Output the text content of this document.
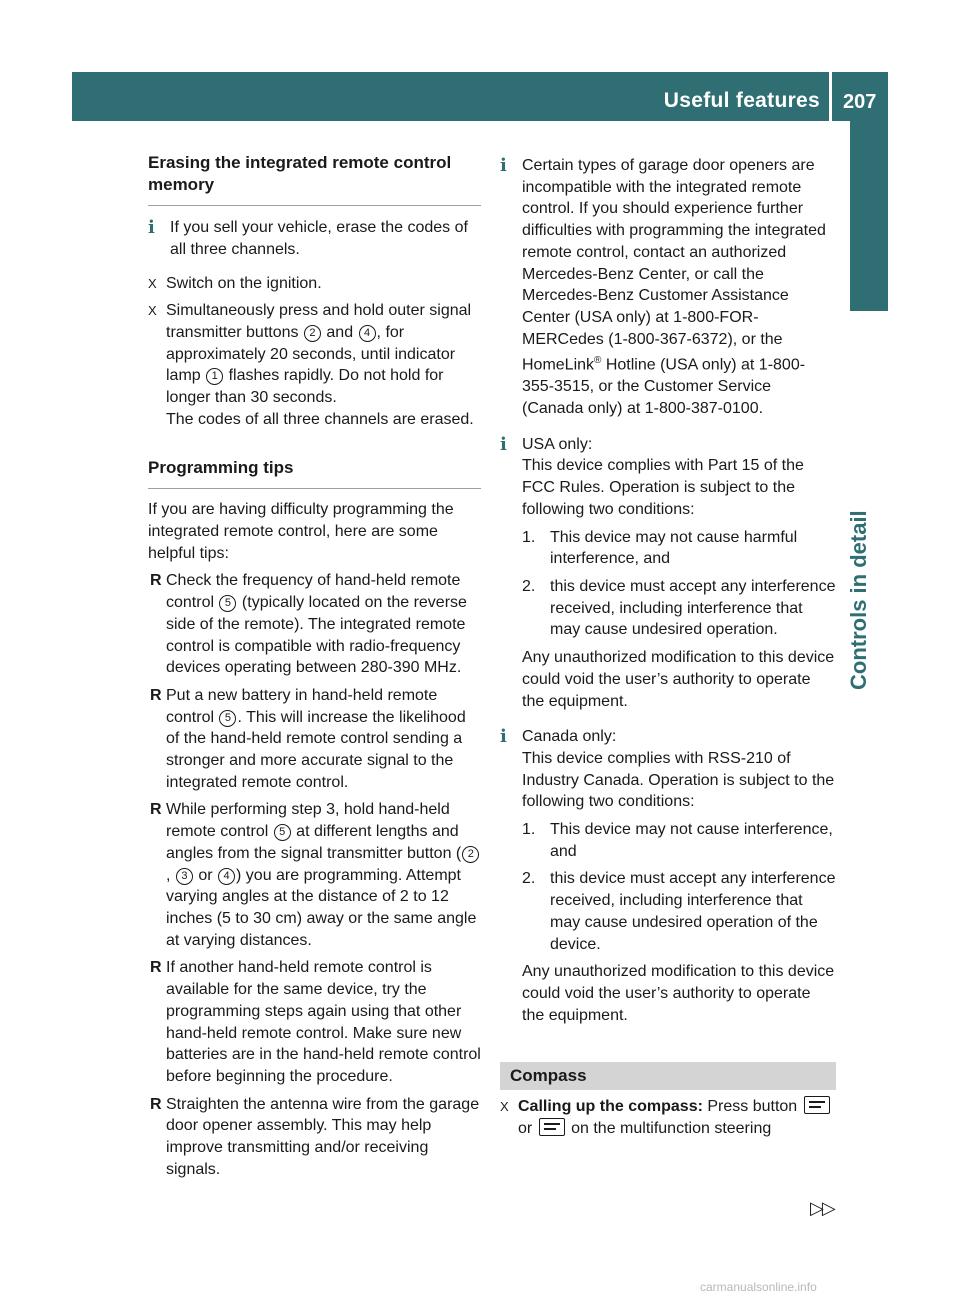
Useful features 207
Controls in detail

Erasing the integrated remote control memory

i If you sell your vehicle, erase the codes of all three channels.
X Switch on the ignition.
X Simultaneously press and hold outer signal transmitter buttons 2 and 4 , for approximately 20 seconds, until indicator lamp 1 flashes rapidly. Do not hold for longer than 30 seconds.

The codes of all three channels are erased.

Programming tips

If you are having difficulty programming the integrated remote control, here are some helpful tips:

R Check the frequency of hand-held remote control 5 (typically located on the reverse side of the remote). The integrated remote control is compatible with radio-frequency devices operating between 280-390 MHz.
R Put a new battery in hand-held remote control 5 . This will increase the likelihood of the hand-held remote control sending a stronger and more accurate signal to the integrated remote control.
R While performing step 3, hold hand-held remote control 5 at different lengths and angles from the signal transmitter button ( 2, 3 or 4 ) you are programming. Attempt varying angles at the distance of 2 to 12 inches (5 to 30 cm) away or the same angle at varying distances.
R If another hand-held remote control is available for the same device, try the programming steps again using that other hand-held remote control. Make sure new batteries are in the hand-held remote control before beginning the procedure.
R Straighten the antenna wire from the garage door opener assembly. This may help improve transmitting and/or receiving signals.
i Certain types of garage door openers are incompatible with the integrated remote control. If you should experience further difficulties with programming the integrated remote control, contact an authorized Mercedes-Benz Center, or call the Mercedes-Benz Customer Assistance Center (USA only) at 1-800-FOR-MERCedes (1-800-367-6372), or the HomeLink® Hotline (USA only) at 1-800-355-3515, or the Customer Service (Canada only) at 1-800-387-0100.
i USA only:

This device complies with Part 15 of the FCC Rules. Operation is subject to the following two conditions:

1. This device may not cause harmful interference, and
2. this device must accept any interference received, including interference that may cause undesired operation.

Any unauthorized modification to this device could void the user’s authority to operate the equipment.

i Canada only:

This device complies with RSS-210 of Industry Canada. Operation is subject to the following two conditions:

1. This device may not cause interference, and
2. this device must accept any interference received, including interference that may cause undesired operation of the device.

Any unauthorized modification to this device could void the user’s authority to operate the equipment.

Compass
X Calling up the compass: Press button  or  on the multifunction steering
▷▷
carmanualsonline.info
